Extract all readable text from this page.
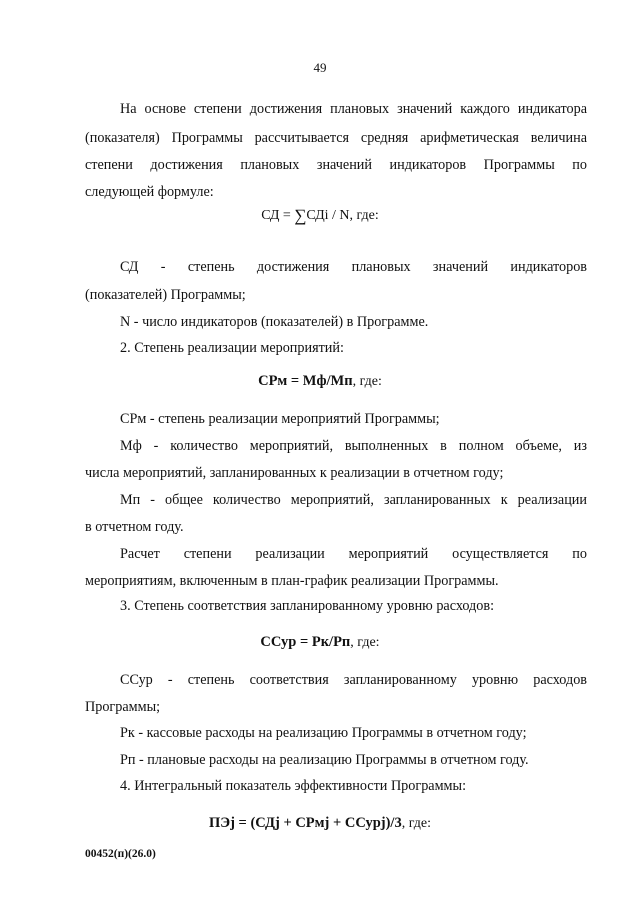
49
На основе степени достижения плановых значений каждого индикатора
(показателя) Программы рассчитывается средняя арифметическая величина
степени достижения плановых значений индикаторов Программы по
следующей формуле:
СД = ∑СДi / N, где:
СД - степень достижения плановых значений индикаторов
(показателей) Программы;
N - число индикаторов (показателей) в Программе.
2. Степень реализации мероприятий:
СРм = Мф/Мп, где:
СРм - степень реализации мероприятий Программы;
Мф - количество мероприятий, выполненных в полном объеме, из
числа мероприятий, запланированных к реализации в отчетном году;
Мп - общее количество мероприятий, запланированных к реализации
в отчетном году.
Расчет степени реализации мероприятий осуществляется по
мероприятиям, включенным в план-график реализации Программы.
3. Степень соответствия запланированному уровню расходов:
ССур = Рк/Рп, где:
ССур - степень соответствия запланированному уровню расходов
Программы;
Рк - кассовые расходы на реализацию Программы в отчетном году;
Рп - плановые расходы на реализацию Программы в отчетном году.
4. Интегральный показатель эффективности Программы:
ПЭj = (СДj + СРмj + ССурj)/3, где:
00452(п)(26.0)
